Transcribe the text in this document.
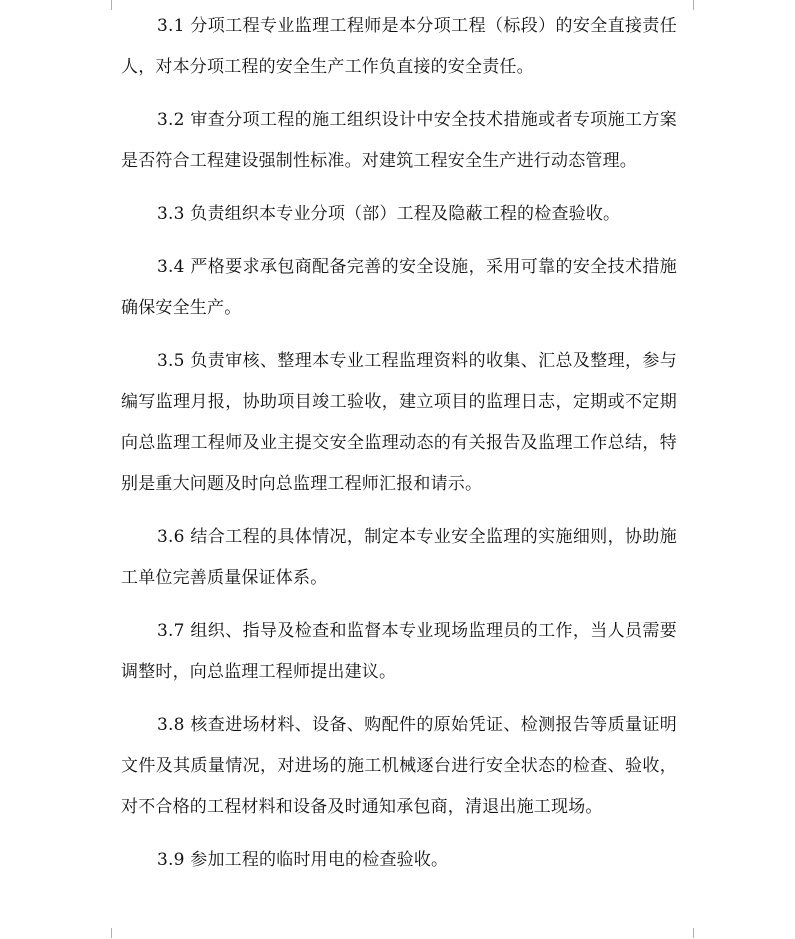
3.1 分项工程专业监理工程师是本分项工程（标段）的安全直接责任人，对本分项工程的安全生产工作负直接的安全责任。

3.2 审查分项工程的施工组织设计中安全技术措施或者专项施工方案是否符合工程建设强制性标准。对建筑工程安全生产进行动态管理。

3.3 负责组织本专业分项（部）工程及隐蔽工程的检查验收。

3.4 严格要求承包商配备完善的安全设施，采用可靠的安全技术措施确保安全生产。

3.5 负责审核、整理本专业工程监理资料的收集、汇总及整理，参与编写监理月报，协助项目竣工验收，建立项目的监理日志，定期或不定期向总监理工程师及业主提交安全监理动态的有关报告及监理工作总结，特别是重大问题及时向总监理工程师汇报和请示。

3.6 结合工程的具体情况，制定本专业安全监理的实施细则，协助施工单位完善质量保证体系。

3.7 组织、指导及检查和监督本专业现场监理员的工作，当人员需要调整时，向总监理工程师提出建议。

3.8 核查进场材料、设备、购配件的原始凭证、检测报告等质量证明文件及其质量情况，对进场的施工机械逐台进行安全状态的检查、验收，对不合格的工程材料和设备及时通知承包商，清退出施工现场。

3.9 参加工程的临时用电的检查验收。
